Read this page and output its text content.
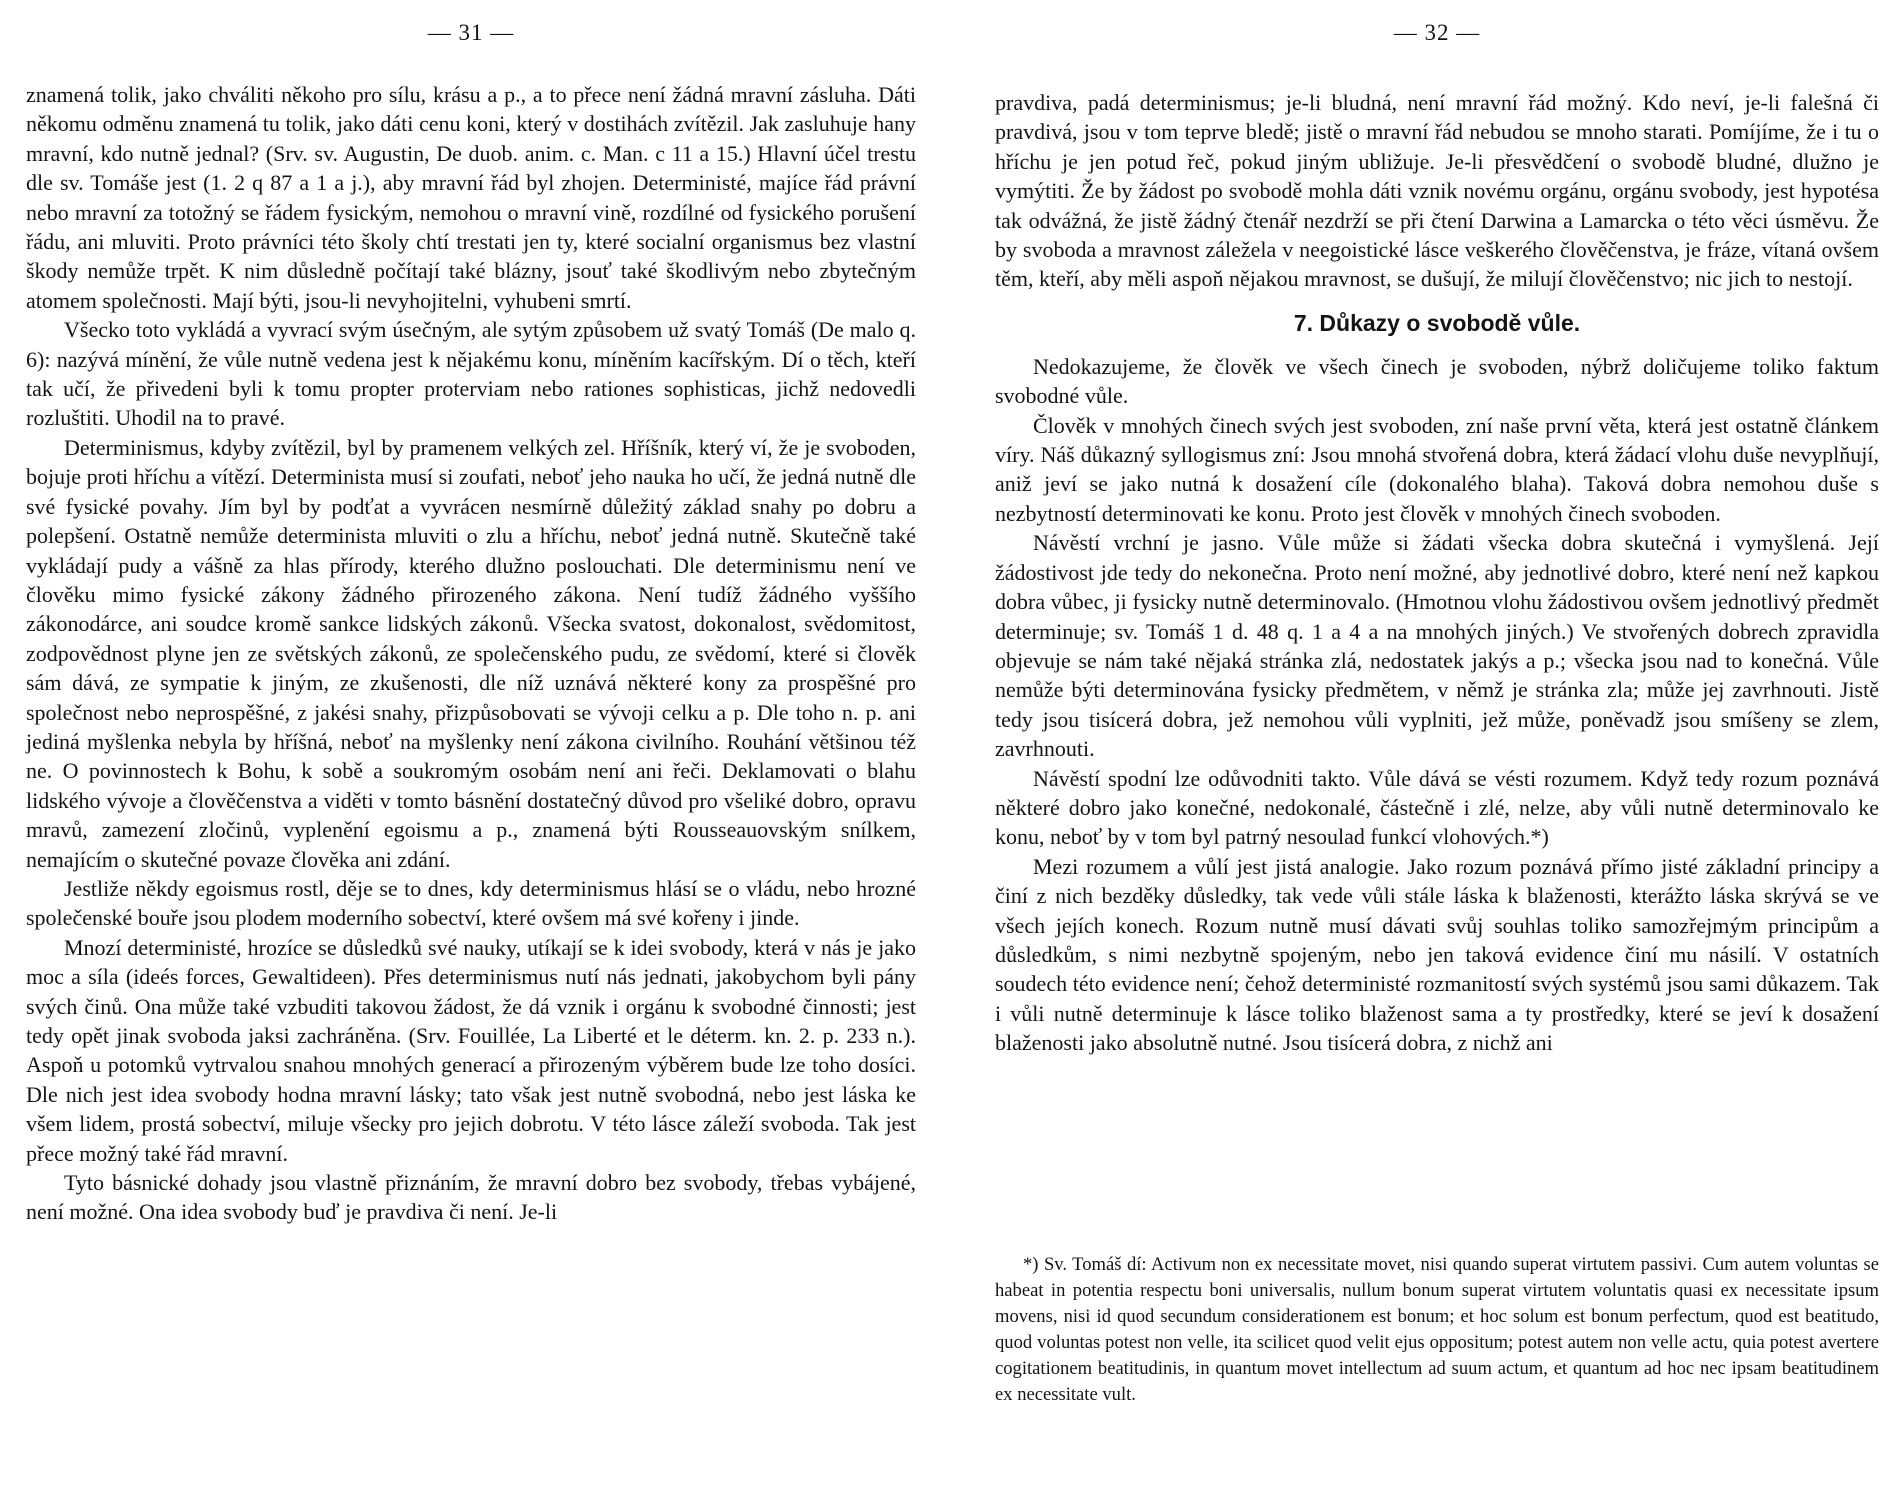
— 31 —

znamená tolik, jako chváliti někoho pro sílu, krásu a p., a to přece není žádná mravní zásluha. Dáti někomu odměnu znamená tu tolik, jako dáti cenu koni, který v dostihách zvítězil. Jak zasluhuje hany mravní, kdo nutně jednal? (Srv. sv. Augustin, De duob. anim. c. Man. c 11 a 15.) Hlavní účel trestu dle sv. Tomáše jest (1. 2 q 87 a 1 a j.), aby mravní řád byl zhojen. Deterministé, majíce řád právní nebo mravní za totožný se řádem fysickým, nemohou o mravní vině, rozdílné od fysického porušení řádu, ani mluviti. Proto právníci této školy chtí trestati jen ty, které socialní organismus bez vlastní škody nemůže trpět. K nim důsledně počítají také blázny, jsouť také škodlivým nebo zbytečným atomem společnosti. Mají býti, jsou-li nevyhojitelni, vyhubeni smrtí.

Všecko toto vykládá a vyvrací svým úsečným, ale sytým způsobem už svatý Tomáš (De malo q. 6): nazývá mínění, že vůle nutně vedena jest k nějakému konu, míněním kacířským. Dí o těch, kteří tak učí, že přivedeni byli k tomu propter proterviam nebo rationes sophisticas, jichž nedovedli rozluštiti. Uhodil na to pravé.

Determinismus, kdyby zvítězil, byl by pramenem velkých zel. Hříšník, který ví, že je svoboden, bojuje proti hříchu a vítězí. Determinista musí si zoufati, neboť jeho nauka ho učí, že jedná nutně dle své fysické povahy. Jím byl by podťat a vyvrácen nesmírně důležitý základ snahy po dobru a polepšení. Ostatně nemůže determinista mluviti o zlu a hříchu, neboť jedná nutně. Skutečně také vykládají pudy a vášně za hlas přírody, kterého dlužno poslouchati. Dle determinismu není ve člověku mimo fysické zákony žádného přirozeného zákona. Není tudíž žádného vyššího zákonodárce, ani soudce kromě sankce lidských zákonů. Všecka svatost, dokonalost, svědomitost, zodpovědnost plyne jen ze světských zákonů, ze společenského pudu, ze svědomí, které si člověk sám dává, ze sympatie k jiným, ze zkušenosti, dle níž uznává některé kony za prospěšné pro společnost nebo neprospěšné, z jakési snahy, přizpůsobovati se vývoji celku a p. Dle toho n. p. ani jediná myšlenka nebyla by hříšná, neboť na myšlenky není zákona civilního. Rouhání většinou též ne. O povinnostech k Bohu, k sobě a soukromým osobám není ani řeči. Deklamovati o blahu lidského vývoje a člověčenstva a viděti v tomto básnění dostatečný důvod pro všeliké dobro, opravu mravů, zamezení zločinů, vyplenění egoismu a p., znamená býti Rousseauovským snílkem, nemajícím o skutečné povaze člověka ani zdání.

Jestliže někdy egoismus rostl, děje se to dnes, kdy determinismus hlásí se o vládu, nebo hrozné společenské bouře jsou plodem moderního sobectví, které ovšem má své kořeny i jinde.

Mnozí deterministé, hrozíce se důsledků své nauky, utíkají se k idei svobody, která v nás je jako moc a síla (ideés forces, Gewaltideen). Přes determinismus nutí nás jednati, jakobychom byli pány svých činů. Ona může také vzbuditi takovou žádost, že dá vznik i orgánu k svobodné činnosti; jest tedy opět jinak svoboda jaksi zachráněna. (Srv. Fouillée, La Liberté et le déterm. kn. 2. p. 233 n.). Aspoň u potomků vytrvalou snahou mnohých generací a přirozeným výběrem bude lze toho dosíci. Dle nich jest idea svobody hodna mravní lásky; tato však jest nutně svobodná, nebo jest láska ke všem lidem, prostá sobectví, miluje všecky pro jejich dobrotu. V této lásce záleží svoboda. Tak jest přece možný také řád mravní.

Tyto básnické dohady jsou vlastně přiznáním, že mravní dobro bez svobody, třebas vybájené, není možné. Ona idea svobody buď je pravdiva či není. Je-li

— 32 —

pravdiva, padá determinismus; je-li bludná, není mravní řád možný. Kdo neví, je-li falešná či pravdivá, jsou v tom teprve bledě; jistě o mravní řád nebudou se mnoho starati. Pomíjíme, že i tu o hříchu je jen potud řeč, pokud jiným ubližuje. Je-li přesvědčení o svobodě bludné, dlužno je vymýtiti. Že by žádost po svobodě mohla dáti vznik novému orgánu, orgánu svobody, jest hypotésa tak odvážná, že jistě žádný čtenář nezdrží se při čtení Darwina a Lamarcka o této věci úsměvu. Že by svoboda a mravnost záležela v neegoistické lásce veškerého člověčenstva, je fráze, vítaná ovšem těm, kteří, aby měli aspoň nějakou mravnost, se dušují, že milují člověčenstvo; nic jich to nestojí.

7. Důkazy o svobodě vůle.

Nedokazujeme, že člověk ve všech činech je svoboden, nýbrž doličujeme toliko faktum svobodné vůle.

Člověk v mnohých činech svých jest svoboden, zní naše první věta, která jest ostatně článkem víry. Náš důkazný syllogismus zní: Jsou mnohá stvořená dobra, která žádací vlohu duše nevyplňují, aniž jeví se jako nutná k dosažení cíle (dokonalého blaha). Taková dobra nemohou duše s nezbytností determinovati ke konu. Proto jest člověk v mnohých činech svoboden.

Návěstí vrchní je jasno. Vůle může si žádati všecka dobra skutečná i vymyšlená. Její žádostivost jde tedy do nekonečna. Proto není možné, aby jednotlivé dobro, které není než kapkou dobra vůbec, ji fysicky nutně determinovalo. (Hmotnou vlohu žádostivou ovšem jednotlivý předmět determinuje; sv. Tomáš 1 d. 48 q. 1 a 4 a na mnohých jiných.) Ve stvořených dobrech zpravidla objevuje se nám také nějaká stránka zlá, nedostatek jakýs a p.; všecka jsou nad to konečná. Vůle nemůže býti determinována fysicky předmětem, v němž je stránka zla; může jej zavrhnouti. Jistě tedy jsou tisícerá dobra, jež nemohou vůli vyplniti, jež může, poněvadž jsou smíšeny se zlem, zavrhnouti.

Návěstí spodní lze odůvodniti takto. Vůle dává se vésti rozumem. Když tedy rozum poznává některé dobro jako konečné, nedokonalé, částečně i zlé, nelze, aby vůli nutně determinovalo ke konu, neboť by v tom byl patrný nesoulad funkcí vlohových.*)

Mezi rozumem a vůlí jest jistá analogie. Jako rozum poznává přímo jisté základní principy a činí z nich bezděky důsledky, tak vede vůli stále láska k blaženosti, kterážto láska skrývá se ve všech jejích konech. Rozum nutně musí dávati svůj souhlas toliko samozřejmým principům a důsledkům, s nimi nezbytně spojeným, nebo jen taková evidence činí mu násilí. V ostatních soudech této evidence není; čehož deterministé rozmanitostí svých systémů jsou sami důkazem. Tak i vůli nutně determinuje k lásce toliko blaženost sama a ty prostředky, které se jeví k dosažení blaženosti jako absolutně nutné. Jsou tisícerá dobra, z nichž ani

*) Sv. Tomáš dí: Activum non ex necessitate movet, nisi quando superat virtutem passivi. Cum autem voluntas se habeat in potentia respectu boni universalis, nullum bonum superat virtutem voluntatis quasi ex necessitate ipsum movens, nisi id quod secundum considerationem est bonum; et hoc solum est bonum perfectum, quod est beatitudo, quod voluntas potest non velle, ita scilicet quod velit ejus oppositum; potest autem non velle actu, quia potest avertere cogitationem beatitudinis, in quantum movet intellectum ad suum actum, et quantum ad hoc nec ipsam beatitudinem ex necessitate vult.
